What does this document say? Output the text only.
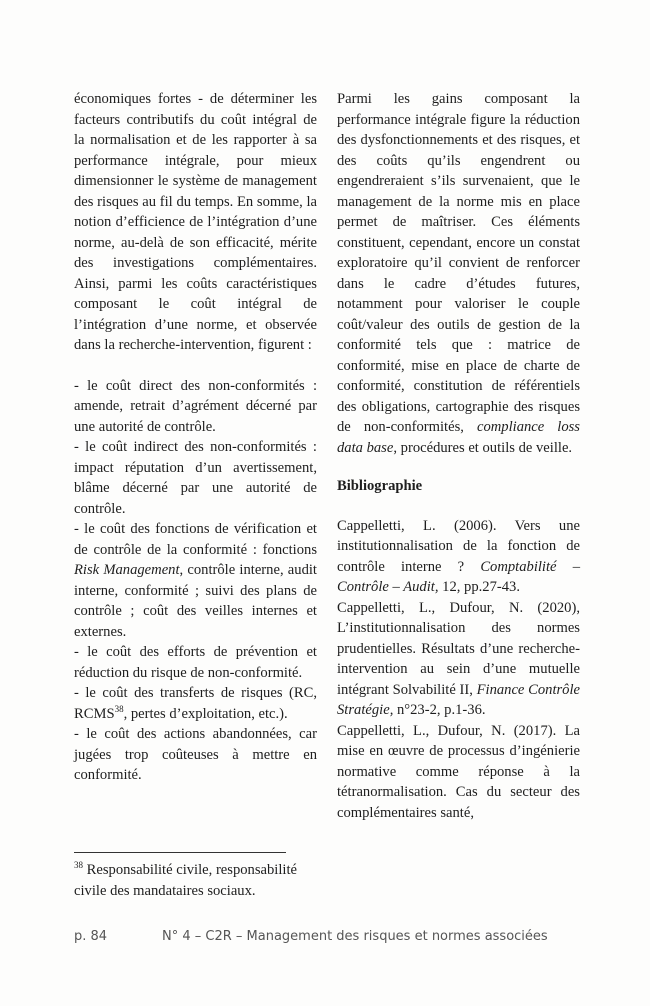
économiques fortes - de déterminer les facteurs contributifs du coût intégral de la normalisation et de les rapporter à sa performance intégrale, pour mieux dimensionner le système de management des risques au fil du temps. En somme, la notion d’efficience de l’intégration d’une norme, au-delà de son efficacité, mérite des investigations complémentaires. Ainsi, parmi les coûts caractéristiques composant le coût intégral de l’intégration d’une norme, et observée dans la recherche-intervention, figurent :

- le coût direct des non-conformités : amende, retrait d’agrément décerné par une autorité de contrôle.

- le coût indirect des non-conformités : impact réputation d’un avertissement, blâme décerné par une autorité de contrôle.

- le coût des fonctions de vérification et de contrôle de la conformité : fonctions Risk Management, contrôle interne, audit interne, conformité ; suivi des plans de contrôle ; coût des veilles internes et externes.

- le coût des efforts de prévention et réduction du risque de non-conformité.

- le coût des transferts de risques (RC, RCMS$^{38}$, pertes d’exploitation, etc.).

- le coût des actions abandonnées, car jugées trop coûteuses à mettre en conformité.

Parmi les gains composant la performance intégrale figure la réduction des dysfonctionnements et des risques, et des coûts qu’ils engendrent ou engendreraient s’ils survenaient, que le management de la norme mis en place permet de maîtriser. Ces éléments constituent, cependant, encore un constat exploratoire qu’il convient de renforcer dans le cadre d’études futures, notamment pour valoriser le couple coût/valeur des outils de gestion de la conformité tels que : matrice de conformité, mise en place de charte de conformité, constitution de référentiels des obligations, cartographie des risques de non-conformités, compliance loss data base, procédures et outils de veille.

Bibliographie

Cappelletti, L. (2006). Vers une institutionnalisation de la fonction de contrôle interne ? Comptabilité – Contrôle – Audit, 12, pp.27-43.

Cappelletti, L., Dufour, N. (2020), L’institutionnalisation des normes prudentielles. Résultats d’une recherche-intervention au sein d’une mutuelle intégrant Solvabilité II, Finance Contrôle Stratégie, n°23-2, p.1-36.

Cappelletti, L., Dufour, N. (2017). La mise en œuvre de processus d’ingénierie normative comme réponse à la tétranormalisation. Cas du secteur des complémentaires santé,

$^{38}$ Responsabilité civile, responsabilité civile des mandataires sociaux.
p. 84	N° 4 – C2R – Management des risques et normes associées
